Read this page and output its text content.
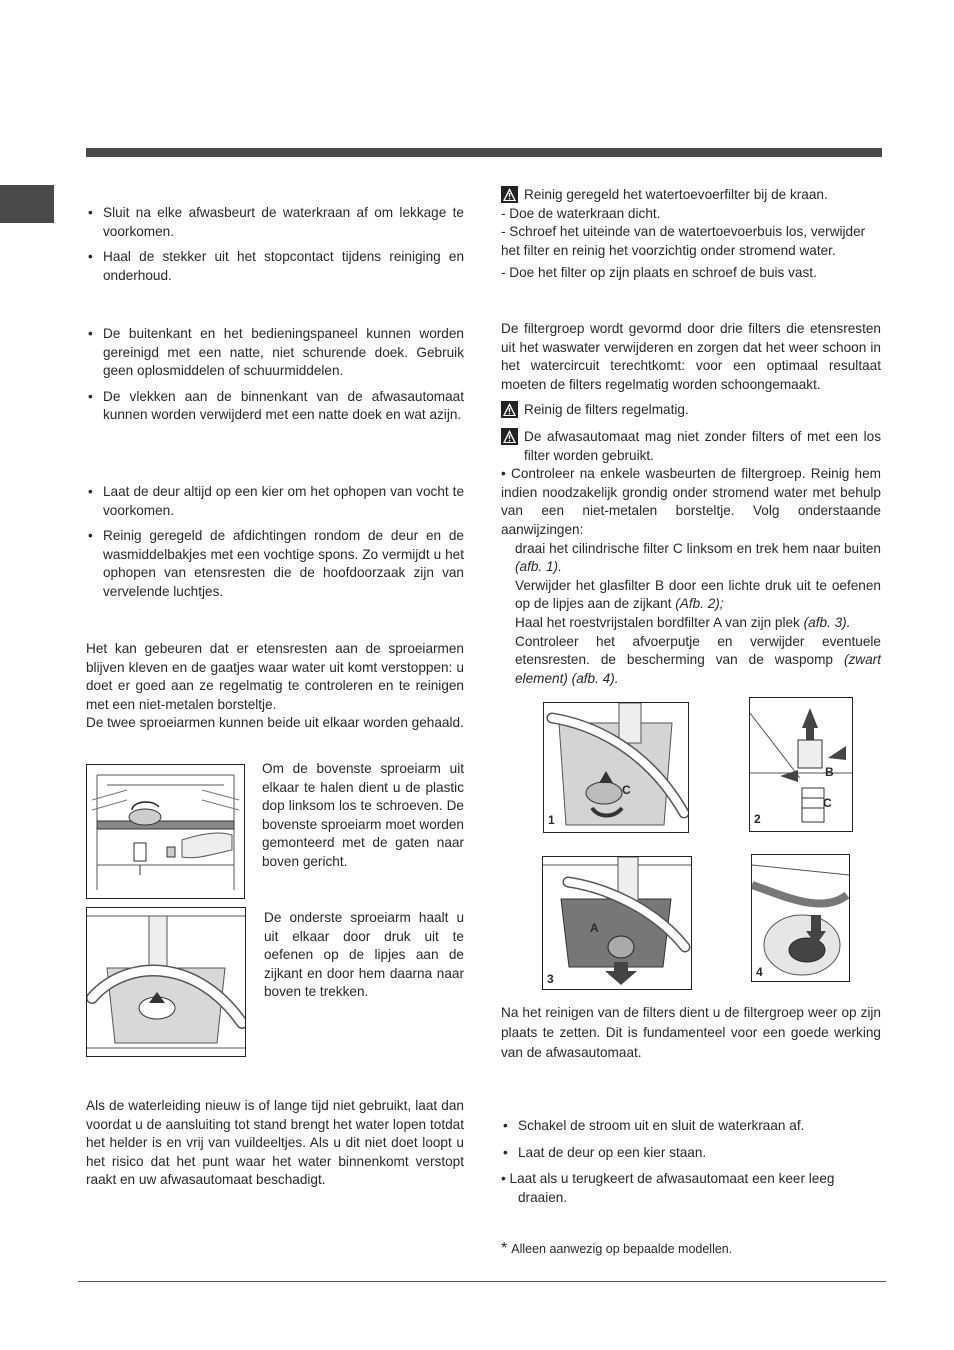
• Sluit na elke afwasbeurt de waterkraan af om lekkage te voorkomen.
• Haal de stekker uit het stopcontact tijdens reiniging en onderhoud.
• De buitenkant en het bedieningspaneel kunnen worden gereinigd met een natte, niet schurende doek. Gebruik geen oplosmiddelen of schuurmiddelen.
• De vlekken aan de binnenkant van de afwasautomaat kunnen worden verwijderd met een natte doek en wat azijn.
• Laat de deur altijd op een kier om het ophopen van vocht te voorkomen.
• Reinig geregeld de afdichtingen rondom de deur en de wasmiddelbakjes met een vochtige spons. Zo vermijdt u het ophopen van etensresten die de hoofdoorzaak zijn van vervelende luchtjes.

Het kan gebeuren dat er etensresten aan de sproeiarmen blijven kleven en de gaatjes waar water uit komt verstoppen: u doet er goed aan ze regelmatig te controleren en te reinigen met een niet-metalen borsteltje.

De twee sproeiarmen kunnen beide uit elkaar worden gehaald.

Om de bovenste sproeiarm uit elkaar te halen dient u de plastic dop linksom los te schroeven. De bovenste sproeiarm moet worden gemonteerd met de gaten naar boven gericht.
De onderste sproeiarm haalt u uit elkaar door druk uit te oefenen op de lipjes aan de zijkant en door hem daarna naar boven te trekken.

Als de waterleiding nieuw is of lange tijd niet gebruikt, laat dan voordat u de aansluiting tot stand brengt het water lopen totdat het helder is en vrij van vuildeeltjes. Als u dit niet doet loopt u het risico dat het punt waar het water binnenkomt verstopt raakt en uw afwasautomaat beschadigt.

Reinig geregeld het watertoevoerfilter bij de kraan.

- Doe de waterkraan dicht.

- Schroef het uiteinde van de watertoevoerbuis los, verwijder het filter en reinig het voorzichtig onder stromend water.

- Doe het filter op zijn plaats en schroef de buis vast.

De filtergroep wordt gevormd door drie filters die etensresten uit het waswater verwijderen en zorgen dat het weer schoon in het watercircuit terechtkomt: voor een optimaal resultaat moeten de filters regelmatig worden schoongemaakt.

Reinig de filters regelmatig.
De afwasautomaat mag niet zonder filters of met een los filter worden gebruikt.

• Controleer na enkele wasbeurten de filtergroep. Reinig hem indien noodzakelijk grondig onder stromend water met behulp van een niet-metalen borsteltje. Volg onderstaande aanwijzingen:

draai het cilindrische filter C linksom en trek hem naar buiten (afb. 1).

Verwijder het glasfilter B door een lichte druk uit te oefenen op de lipjes aan de zijkant (Afb. 2);

Haal het roestvrijstalen bordfilter A van zijn plek (afb. 3).

Controleer het afvoerputje en verwijder eventuele etensresten. de bescherming van de waspomp (zwart element) (afb. 4).

1
C
2
B
C
3
A
4
Na het reinigen van de filters dient u de filtergroep weer op zijn plaats te zetten. Dit is fundamenteel voor een goede werking van de afwasautomaat.
• Schakel de stroom uit en sluit de waterkraan af.
• Laat de deur op een kier staan.

• Laat als u terugkeert de afwasautomaat een keer leeg draaien.

* Alleen aanwezig op bepaalde modellen.
